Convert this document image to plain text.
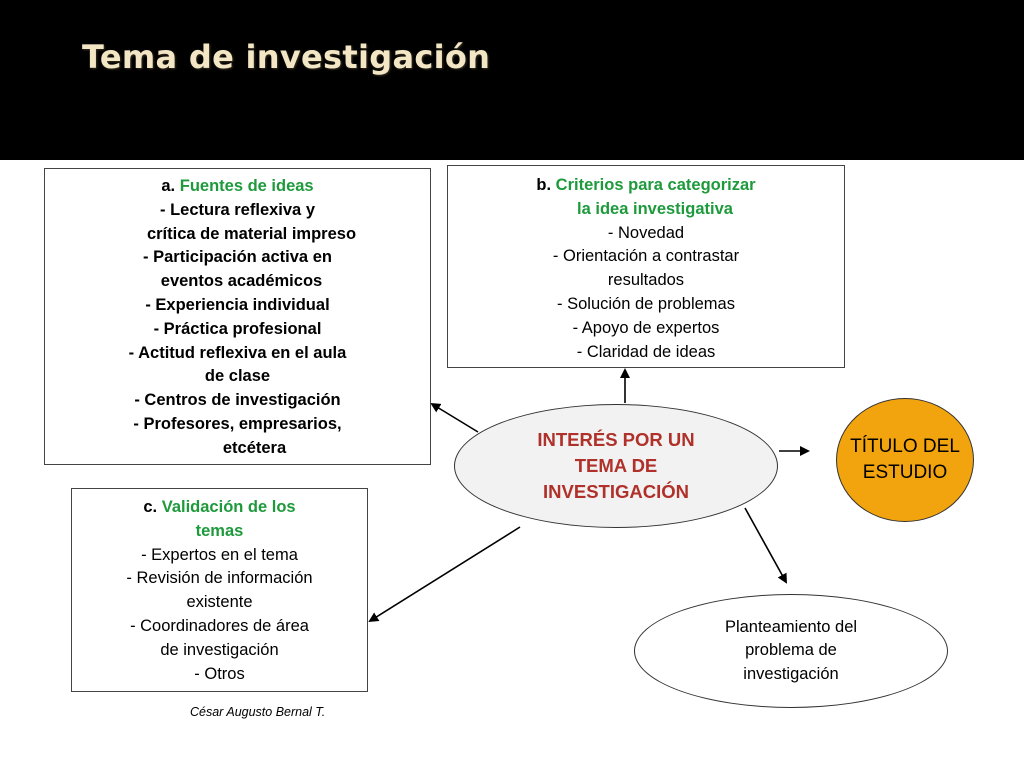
Tema de investigación
a. Fuentes de ideas
- Lectura reflexiva y
crítica de material impreso
- Participación activa en
eventos académicos
- Experiencia individual
- Práctica profesional
- Actitud reflexiva en el aula
de clase
- Centros de investigación
- Profesores, empresarios,
etcétera
b. Criterios para categorizar
la idea investigativa
- Novedad
- Orientación a contrastar
resultados
- Solución de problemas
- Apoyo de expertos
- Claridad de ideas
c. Validación de los
temas
- Expertos en el tema
- Revisión de información
existente
- Coordinadores de área
de investigación
- Otros
INTERÉS POR UN
TEMA DE
INVESTIGACIÓN
TÍTULO DEL
ESTUDIO
Planteamiento del
problema de
investigación
César Augusto Bernal T.
